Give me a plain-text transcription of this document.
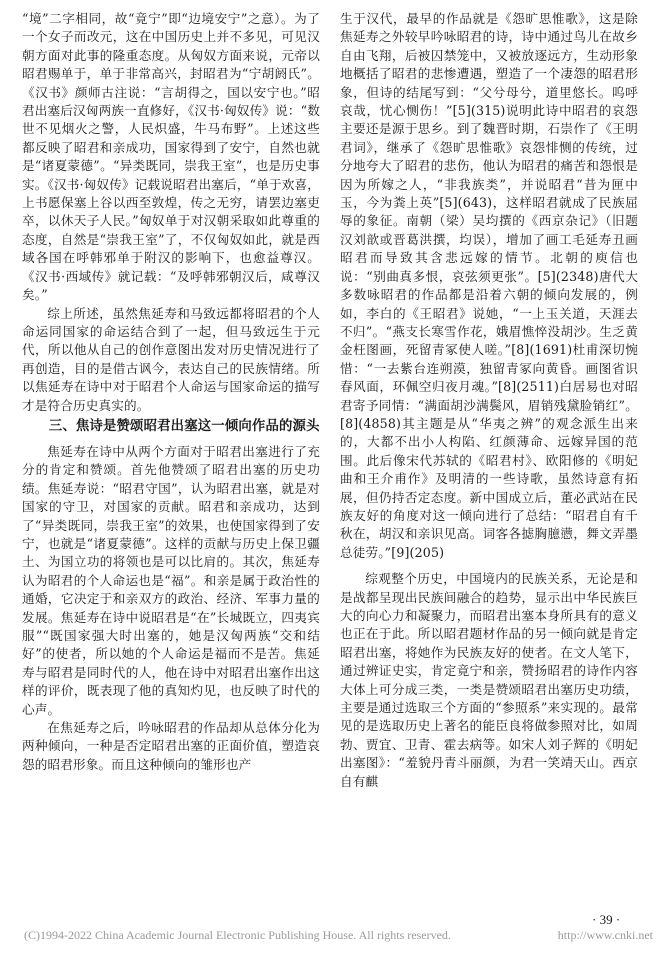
“境”二字相同，故“竟宁”即“边境安宁”之意）。为了一个女子而改元，这在中国历史上并不多见，可见汉朝方面对此事的隆重态度。从匈奴方面来说，元帝以昭君赐单于，单于非常高兴，封昭君为“宁胡阏氏”。《汉书》颜师古注说：“言胡得之，国以安宁也。”昭君出塞后汉匈两族一直修好，《汉书·匈奴传》说：“数世不见烟火之警，人民炽盛，牛马布野”。上述这些都反映了昭君和亲成功，国家得到了安宁，自然也就是“诸夏蒙德”。“异类既同，崇我王室”，也是历史事实。《汉书·匈奴传》记载说昭君出塞后，“单于欢喜，上书愿保塞上谷以西至敦煌，传之无穷，请罢边塞吏卒，以休天子人民。”匈奴单于对汉朝采取如此尊重的态度，自然是“崇我王室”了，不仅匈奴如此，就是西域各国在呼韩邪单于附汉的影响下，也愈益尊汉。《汉书·西域传》就记载：“及呼韩邪朝汉后，咸尊汉矣。”

综上所述，虽然焦延寿和马致远都将昭君的个人命运同国家的命运结合到了一起，但马致远生于元代，所以他从自己的创作意图出发对历史情况进行了再创造，目的是借古讽今，表达自己的民族情绪。所以焦延寿在诗中对于昭君个人命运与国家命运的描写才是符合历史真实的。

三、焦诗是赞颂昭君出塞这一倾向作品的源头

焦延寿在诗中从两个方面对于昭君出塞进行了充分的肯定和赞颂。首先他赞颂了昭君出塞的历史功绩。焦延寿说：“昭君守国”，认为昭君出塞，就是对国家的守卫，对国家的贡献。昭君和亲成功，达到了“异类既同，崇我王室”的效果，也使国家得到了安宁，也就是“诸夏蒙德”。这样的贡献与历史上保卫疆土、为国立功的将领也是可以比肩的。其次，焦延寿认为昭君的个人命运也是“福”。和亲是属于政治性的通婚，它决定于和亲双方的政治、经济、军事力量的发展。焦延寿在诗中说昭君是“在”长城既立，四夷宾服”“既国家强大时出塞的，她是汉匈两族“交和结好”的使者，所以她的个人命运是福而不是苦。焦延寿与昭君是同时代的人，他在诗中对昭君出塞作出这样的评价，既表现了他的真知灼见，也反映了时代的心声。

在焦延寿之后，吟咏昭君的作品却从总体分化为两种倾向，一种是否定昭君出塞的正面价值，塑造哀怨的昭君形象。而且这种倾向的雏形也产

生于汉代，最早的作品就是《怨旷思惟歌》，这是除焦延寿之外较早吟咏昭君的诗，诗中通过鸟儿在故乡自由飞翔，后被囚禁笼中，又被放逐远方，生动形象地概括了昭君的悲惨遭遇，塑造了一个凄怨的昭君形象，但诗的结尾写到：“父兮母兮，道里悠长。呜呼哀哉，忧心恻伤！”[5](315)说明此诗中昭君的哀怨主要还是源于思乡。到了魏晋时期，石崇作了《王明君词》，继承了《怨旷思惟歌》哀怨悱恻的传统，过分地夸大了昭君的悲伤，他认为昭君的痛苦和怨恨是因为所嫁之人，“非我族类”，并说昭君“昔为匣中玉，今为粪上英”[5](643)，这样昭君就成了民族屈辱的象征。南朝（梁）吴均撰的《西京杂记》（旧题汉刘歆或晋葛洪撰，均误），增加了画工毛延寿丑画昭君而导致其含悲远嫁的情节。北朝的庾信也说：“别曲真多恨，哀弦须更张”。[5](2348)唐代大多数咏昭君的作品都是沿着六朝的倾向发展的，例如，李白的《王昭君》说她，“一上玉关道，天涯去不归”。“燕支长寒雪作花，娥眉憔悴没胡沙。生乏黄金枉图画，死留青冢使人嗟。”[8](1691)杜甫深切惋惜：“一去紫台连朔漠，独留青冢向黄昏。画图省识春风面，环佩空归夜月魂。”[8](2511)白居易也对昭君寄予同情：“满面胡沙满鬓风，眉销残黛脸销红”。[8](4858)其主题是从“华夷之辨”的观念派生出来的，大都不出小人构陷、红颜薄命、远嫁异国的范围。此后像宋代苏轼的《昭君村》、欧阳修的《明妃曲和王介甫作》及明清的一些诗歌，虽然诗意有拓展，但仍持否定态度。新中国成立后，董必武站在民族友好的角度对这一倾向进行了总结：“昭君自有千秋在，胡汉和亲识见高。词客各摅胸臆懑，舞文弄墨总徒劳。”[9](205)

综观整个历史，中国境内的民族关系，无论是和是战都呈现出民族间融合的趋势，显示出中华民族巨大的向心力和凝聚力，而昭君出塞本身所具有的意义也正在于此。所以昭君题材作品的另一倾向就是肯定昭君出塞，将她作为民族友好的使者。在文人笔下，通过辨证史实，肯定竟宁和亲，赞扬昭君的诗作内容大体上可分成三类，一类是赞颂昭君出塞历史功绩，主要是通过选取三个方面的“参照系”来实现的。最常见的是选取历史上著名的能臣良将做参照对比，如周勃、贾宜、卫青、霍去病等。如宋人刘子辉的《明妃出塞图》：“羞貌丹青斗丽颜，为君一笑靖天山。西京自有麒

· 39 ·
(C)1994-2022 China Academic Journal Electronic Publishing House. All rights reserved.	http://www.cnki.net
